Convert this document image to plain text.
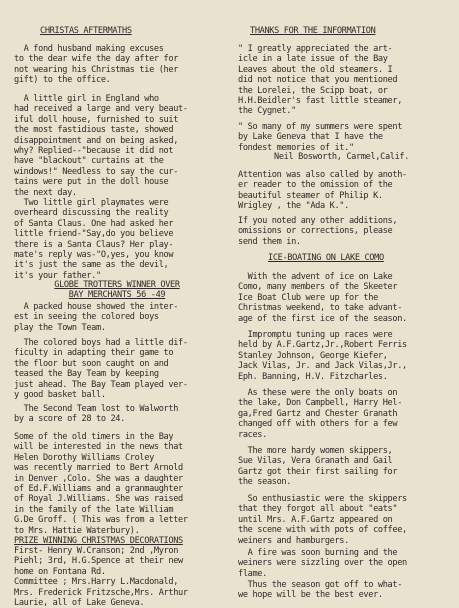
CHRISTAS AFTERMATHS

A fond husband making excuses
to the dear wife the day after for
not wearing his Christmas tie (her
gift) to the office.

A little girl in England who
had received a large and very beaut-
iful doll house, furnished to suit
the most fastidious taste, showed
disappointment and on being asked,
why? Replied--"because it did not
have "blackout" curtains at the
windows!" Needless to say the cur-
tains were put in the doll house
the next day.

Two little girl playmates were
overheard discussing the reality
of Santa Claus. One had asked her
little friend-"Say,do you believe
there is a Santa Claus? Her play-
mate's reply was-"O,yes, you know
it's just the same as the devil,
it's your father."

GLOBE TROTTERS WINNER OVER
BAY MERCHANTS 56 -49

A packed house showed the inter-
est in seeing the colored boys
play the Town Team.

The colored boys had a little dif-
ficulty in adapting their game to
the floor but soon caught on and
teased the Bay Team by keeping
just ahead. The Bay Team played ver-
y good basket ball.

The Second Team lost to Walworth
by a score of 28 to 24.

Some of the old timers in the Bay
will be interested in the news that
Helen Dorothy Williams Croley
was recently married to Bert Arnold
in Denver ,Colo. She was a daughter
of Ed.F.Williams and a granmaughter
of Royal J.Williams. She was raised
in the family of the late William
G.De Groff. ( This was from a letter
to Mrs. Hattie Waterbury).

PRIZE WINNING CHRISTMAS DECORATIONS

First- Henry W.Cranson; 2nd ,Myron
Piehl; 3rd, H.G.Spence at their new
home on Fontana Rd.
Committee ; Mrs.Harry L.Macdonald,
Mrs. Frederick Fritzsche,Mrs. Arthur
Laurie, all of Lake Geneva.

THANKS FOR THE INFORMATION

" I greatly appreciated the art-
icle in a late issue of the Bay
Leaves about the old steamers. I
did not notice that you mentioned
the Lorelei, the Scipp boat, or
H.H.Beidler's fast little steamer,
the Cygnet."

" So many of my summers were spent
by Lake Geneva that I have the
fondest memories of it."

Neil Bosworth, Carmel,Calif.

Attention was also called by anoth-
er reader to the omission of the
beautiful steamer of Philip K.
Wrigley , the "Ada K.".

If you noted any other additions,
omissions or corrections, please
send them in.

ICE-BOATING ON LAKE COMO

With the advent of ice on Lake
Como, many members of the Skeeter
Ice Boat Club were up for the
Christmas weekend, to take advant-
age of the first ice of the season.

Impromptu tuning up races were
held by A.F.Gartz,Jr.,Robert Ferris
Stanley Johnson, George Kiefer,
Jack Vilas, Jr. and Jack Vilas,Jr.,
Eph. Banning, H.V. Fitzcharles.

As these were the only boats on
the lake, Don Campbell, Harry Hel-
ga,Fred Gartz and Chester Granath
changed off with others for a few
races.

The more hardy women skippers,
Sue Vilas, Vera Granath and Gail
Gartz got their first sailing for
the season.

So enthusiastic were the skippers
that they forgot all about "eats"
until Mrs. A.F.Gartz appeared on
the scene with with pots of coffee,
weiners and hamburgers.

A fire was soon burning and the
weiners were sizzling over the open
flame.

Thus the season got off to what-
we hope will be the best ever.
